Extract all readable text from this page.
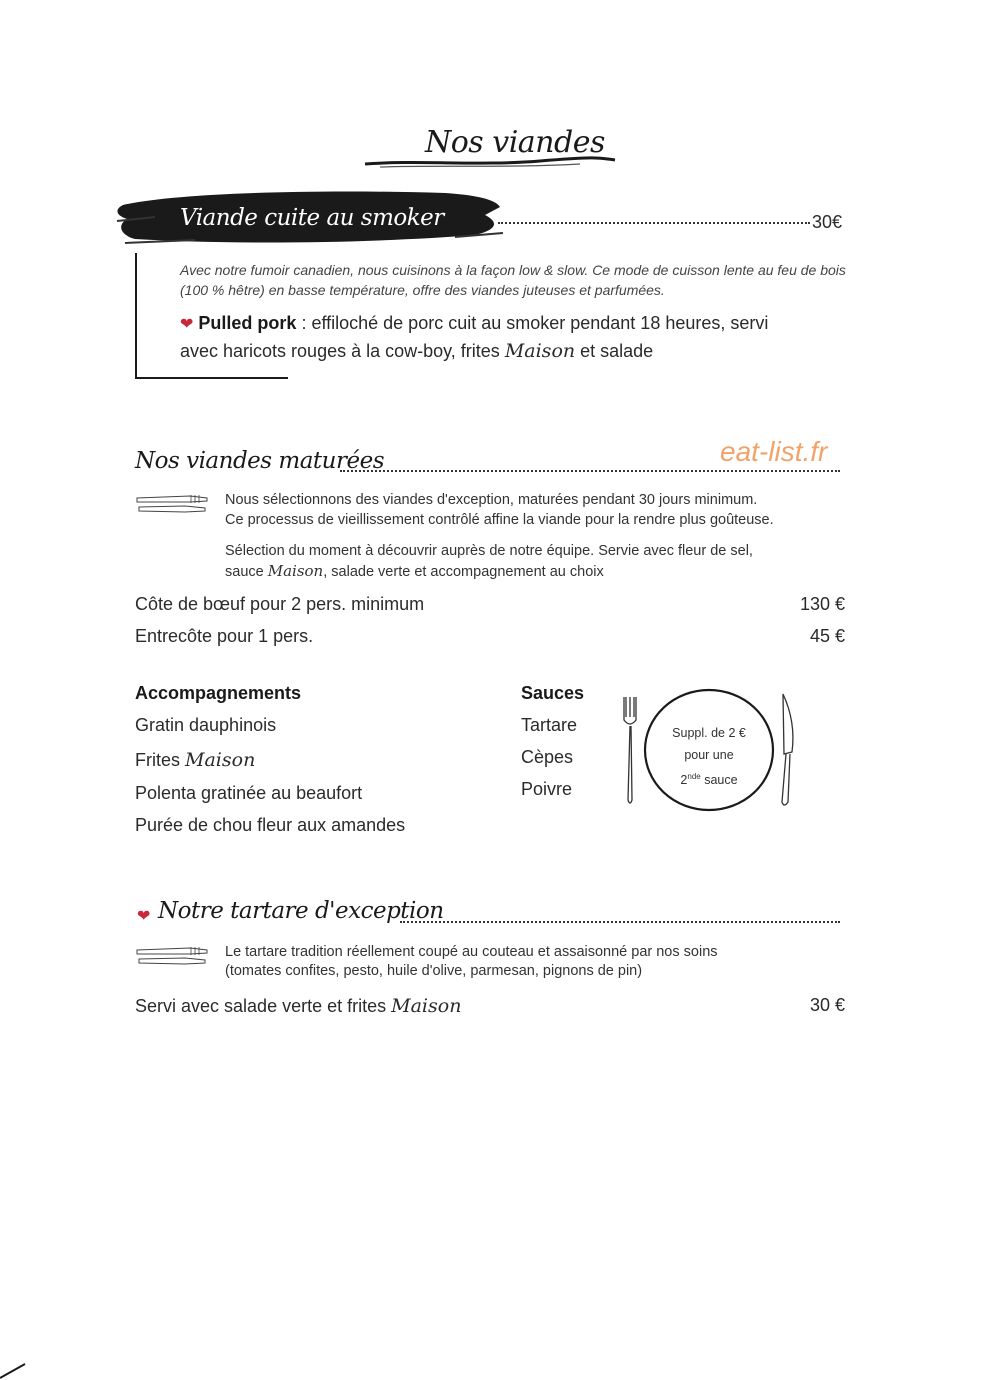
Nos viandes
Viande cuite au smoker	30€
Avec notre fumoir canadien, nous cuisinons à la façon low & slow. Ce mode de cuisson lente au feu de bois (100 % hêtre) en basse température, offre des viandes juteuses et parfumées.
❤ Pulled pork : effiloché de porc cuit au smoker pendant 18 heures, servi
avec haricots rouges à la cow-boy, frites Maison et salade
Nos viandes maturées	eat-list.fr
Nous sélectionnons des viandes d'exception, maturées pendant 30 jours minimum.
Ce processus de vieillissement contrôlé affine la viande pour la rendre plus goûteuse.
Sélection du moment à découvrir auprès de notre équipe. Servie avec fleur de sel,
sauce Maison, salade verte et accompagnement au choix
Côte de bœuf pour 2 pers. minimum	130 €
Entrecôte pour 1 pers.	45 €
Accompagnements
Gratin dauphinois
Frites Maison
Polenta gratinée au beaufort
Purée de chou fleur aux amandes
Sauces
Tartare
Cèpes
Poivre
Suppl. de 2 €
pour une
2nde sauce
❤ Notre tartare d'exception
Le tartare tradition réellement coupé au couteau et assaisonné par nos soins
(tomates confites, pesto, huile d'olive, parmesan, pignons de pin)
Servi avec salade verte et frites Maison	30 €
